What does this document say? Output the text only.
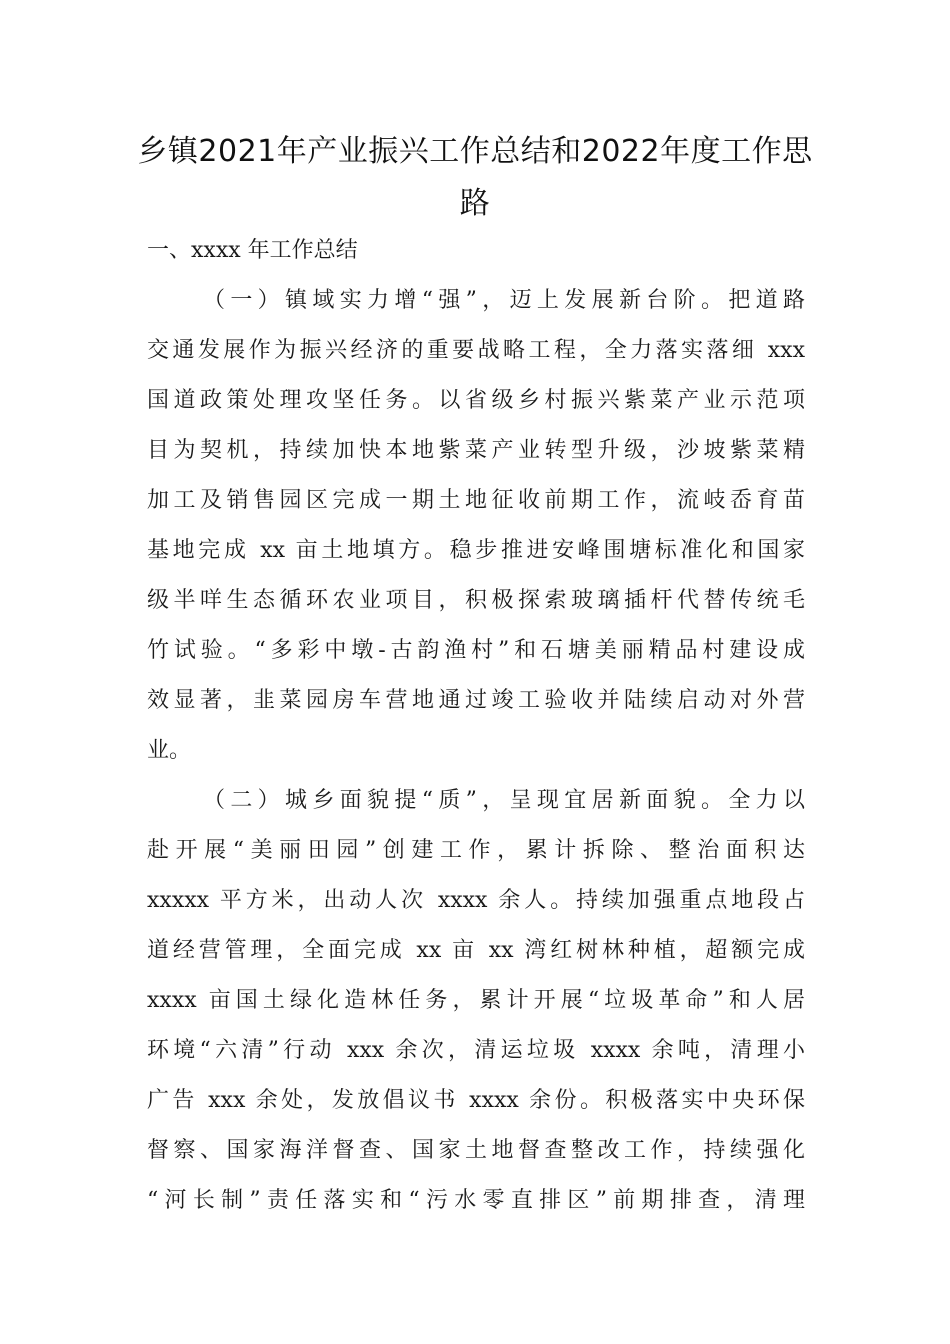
乡镇2021年产业振兴工作总结和2022年度工作思
路
一、xxxx 年工作总结
（一）镇域实力增“强”，迈上发展新台阶。把道路
交通发展作为振兴经济的重要战略工程，全力落实落细 xxx
国道政策处理攻坚任务。以省级乡村振兴紫菜产业示范项
目为契机，持续加快本地紫菜产业转型升级，沙坡紫菜精
加工及销售园区完成一期土地征收前期工作，流岐岙育苗
基地完成 xx 亩土地填方。稳步推进安峰围塘标准化和国家
级半咩生态循环农业项目，积极探索玻璃插杆代替传统毛
竹试验。“多彩中墩-古韵渔村”和石塘美丽精品村建设成
效显著，韭菜园房车营地通过竣工验收并陆续启动对外营
业。
（二）城乡面貌提“质”，呈现宜居新面貌。全力以
赴开展“美丽田园”创建工作，累计拆除、整治面积达
xxxxx 平方米，出动人次 xxxx 余人。持续加强重点地段占
道经营管理，全面完成 xx 亩 xx 湾红树林种植，超额完成
xxxx 亩国土绿化造林任务，累计开展“垃圾革命”和人居
环境“六清”行动 xxx 余次，清运垃圾 xxxx 余吨，清理小
广告 xxx 余处，发放倡议书 xxxx 余份。积极落实中央环保
督察、国家海洋督查、国家土地督查整改工作，持续强化
“河长制”责任落实和“污水零直排区”前期排查，清理
